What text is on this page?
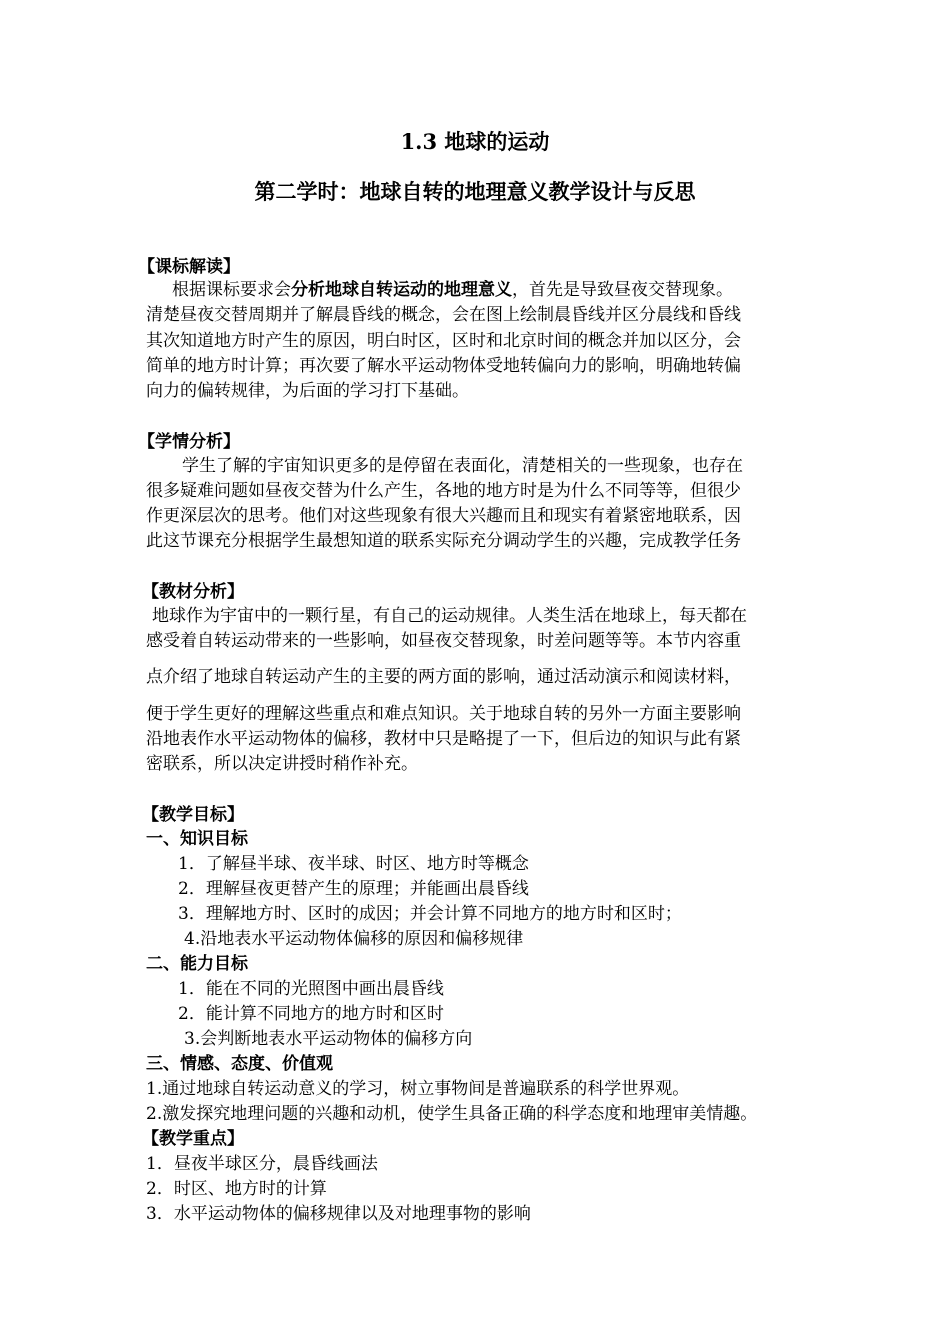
1.3 地球的运动
第二学时：地球自转的地理意义教学设计与反思
【课标解读】
根据课标要求会分析地球自转运动的地理意义，首先是导致昼夜交替现象。
清楚昼夜交替周期并了解晨昏线的概念，会在图上绘制晨昏线并区分晨线和昏线
其次知道地方时产生的原因，明白时区，区时和北京时间的概念并加以区分，会
简单的地方时计算；再次要了解水平运动物体受地转偏向力的影响，明确地转偏
向力的偏转规律，为后面的学习打下基础。
【学情分析】
学生了解的宇宙知识更多的是停留在表面化，清楚相关的一些现象，也存在
很多疑难问题如昼夜交替为什么产生，各地的地方时是为什么不同等等，但很少
作更深层次的思考。他们对这些现象有很大兴趣而且和现实有着紧密地联系，因
此这节课充分根据学生最想知道的联系实际充分调动学生的兴趣，完成教学任务
【教材分析】
地球作为宇宙中的一颗行星，有自己的运动规律。人类生活在地球上，每天都在
感受着自转运动带来的一些影响，如昼夜交替现象，时差问题等等。本节内容重
点介绍了地球自转运动产生的主要的两方面的影响，通过活动演示和阅读材料，
便于学生更好的理解这些重点和难点知识。关于地球自转的另外一方面主要影响
沿地表作水平运动物体的偏移，教材中只是略提了一下，但后边的知识与此有紧
密联系，所以决定讲授时稍作补充。
【教学目标】
一、知识目标
1．了解昼半球、夜半球、时区、地方时等概念
2．理解昼夜更替产生的原理；并能画出晨昏线
3．理解地方时、区时的成因；并会计算不同地方的地方时和区时；
4.沿地表水平运动物体偏移的原因和偏移规律
二、能力目标
1．能在不同的光照图中画出晨昏线
2．能计算不同地方的地方时和区时
3.会判断地表水平运动物体的偏移方向
三、情感、态度、价值观
1.通过地球自转运动意义的学习，树立事物间是普遍联系的科学世界观。
2.激发探究地理问题的兴趣和动机，使学生具备正确的科学态度和地理审美情趣。
【教学重点】
1．昼夜半球区分，晨昏线画法
2．时区、地方时的计算
3．水平运动物体的偏移规律以及对地理事物的影响
